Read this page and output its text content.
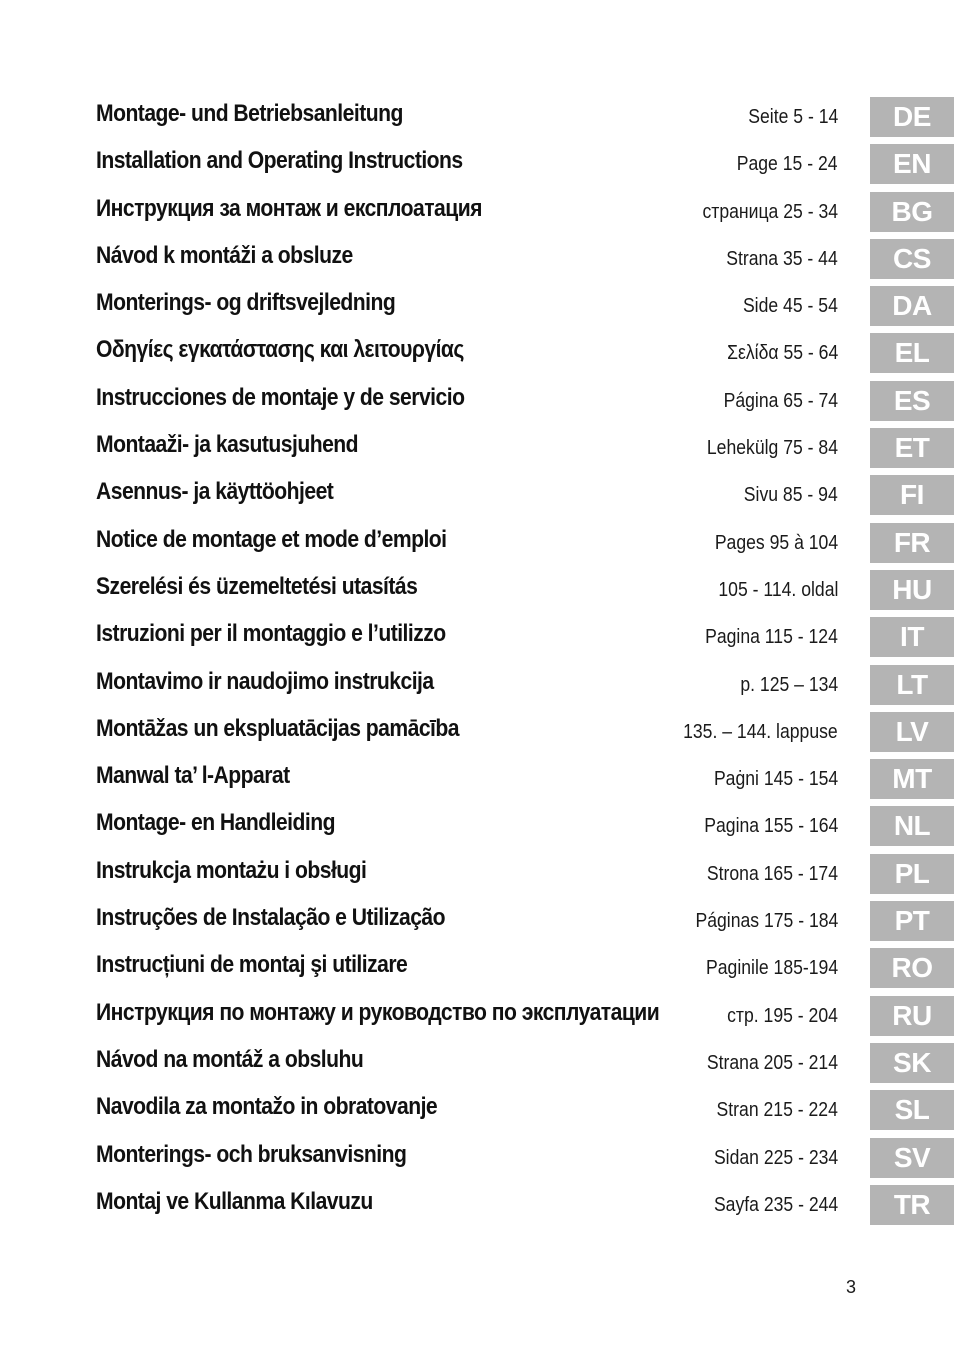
Montage- und Betriebsanleitung	Seite 5 - 14	DE
Installation and Operating Instructions	Page 15 - 24	EN
Инструкция за монтаж и експлоатация	страница 25 - 34	BG
Návod k montáži a obsluze	Strana 35 - 44	CS
Monterings- og driftsvejledning	Side 45 - 54	DA
Οδηγίες εγκατάστασης και λειτουργίας	Σελίδα 55 - 64	EL
Instrucciones de montaje y de servicio	Página 65 - 74	ES
Montaaži- ja kasutusjuhend	Lehekülg 75 - 84	ET
Asennus- ja käyttöohjeet	Sivu 85 - 94	FI
Notice de montage et mode d’emploi	Pages 95 à 104	FR
Szerelési és üzemeltetési utasítás	105 - 114. oldal	HU
Istruzioni per il montaggio e l’utilizzo	Pagina 115 - 124	IT
Montavimo ir naudojimo instrukcija	p. 125 – 134	LT
Montāžas un ekspluatācijas pamācība	135. – 144. lappuse	LV
Manwal ta’ l-Apparat	Paġni 145 - 154	MT
Montage- en Handleiding	Pagina 155 - 164	NL
Instrukcja montażu i obsługi	Strona 165 - 174	PL
Instruções de Instalação e Utilização	Páginas 175 - 184	PT
Instrucțiuni de montaj şi utilizare	Paginile 185-194	RO
Инструкция по монтажу и руководство по эксплуатации	стр. 195 - 204	RU
Návod na montáž a obsluhu	Strana 205 - 214	SK
Navodila za montažo in obratovanje	Stran 215 - 224	SL
Monterings- och bruksanvisning	Sidan 225 - 234	SV
Montaj ve Kullanma Kılavuzu	Sayfa 235 - 244	TR
3
